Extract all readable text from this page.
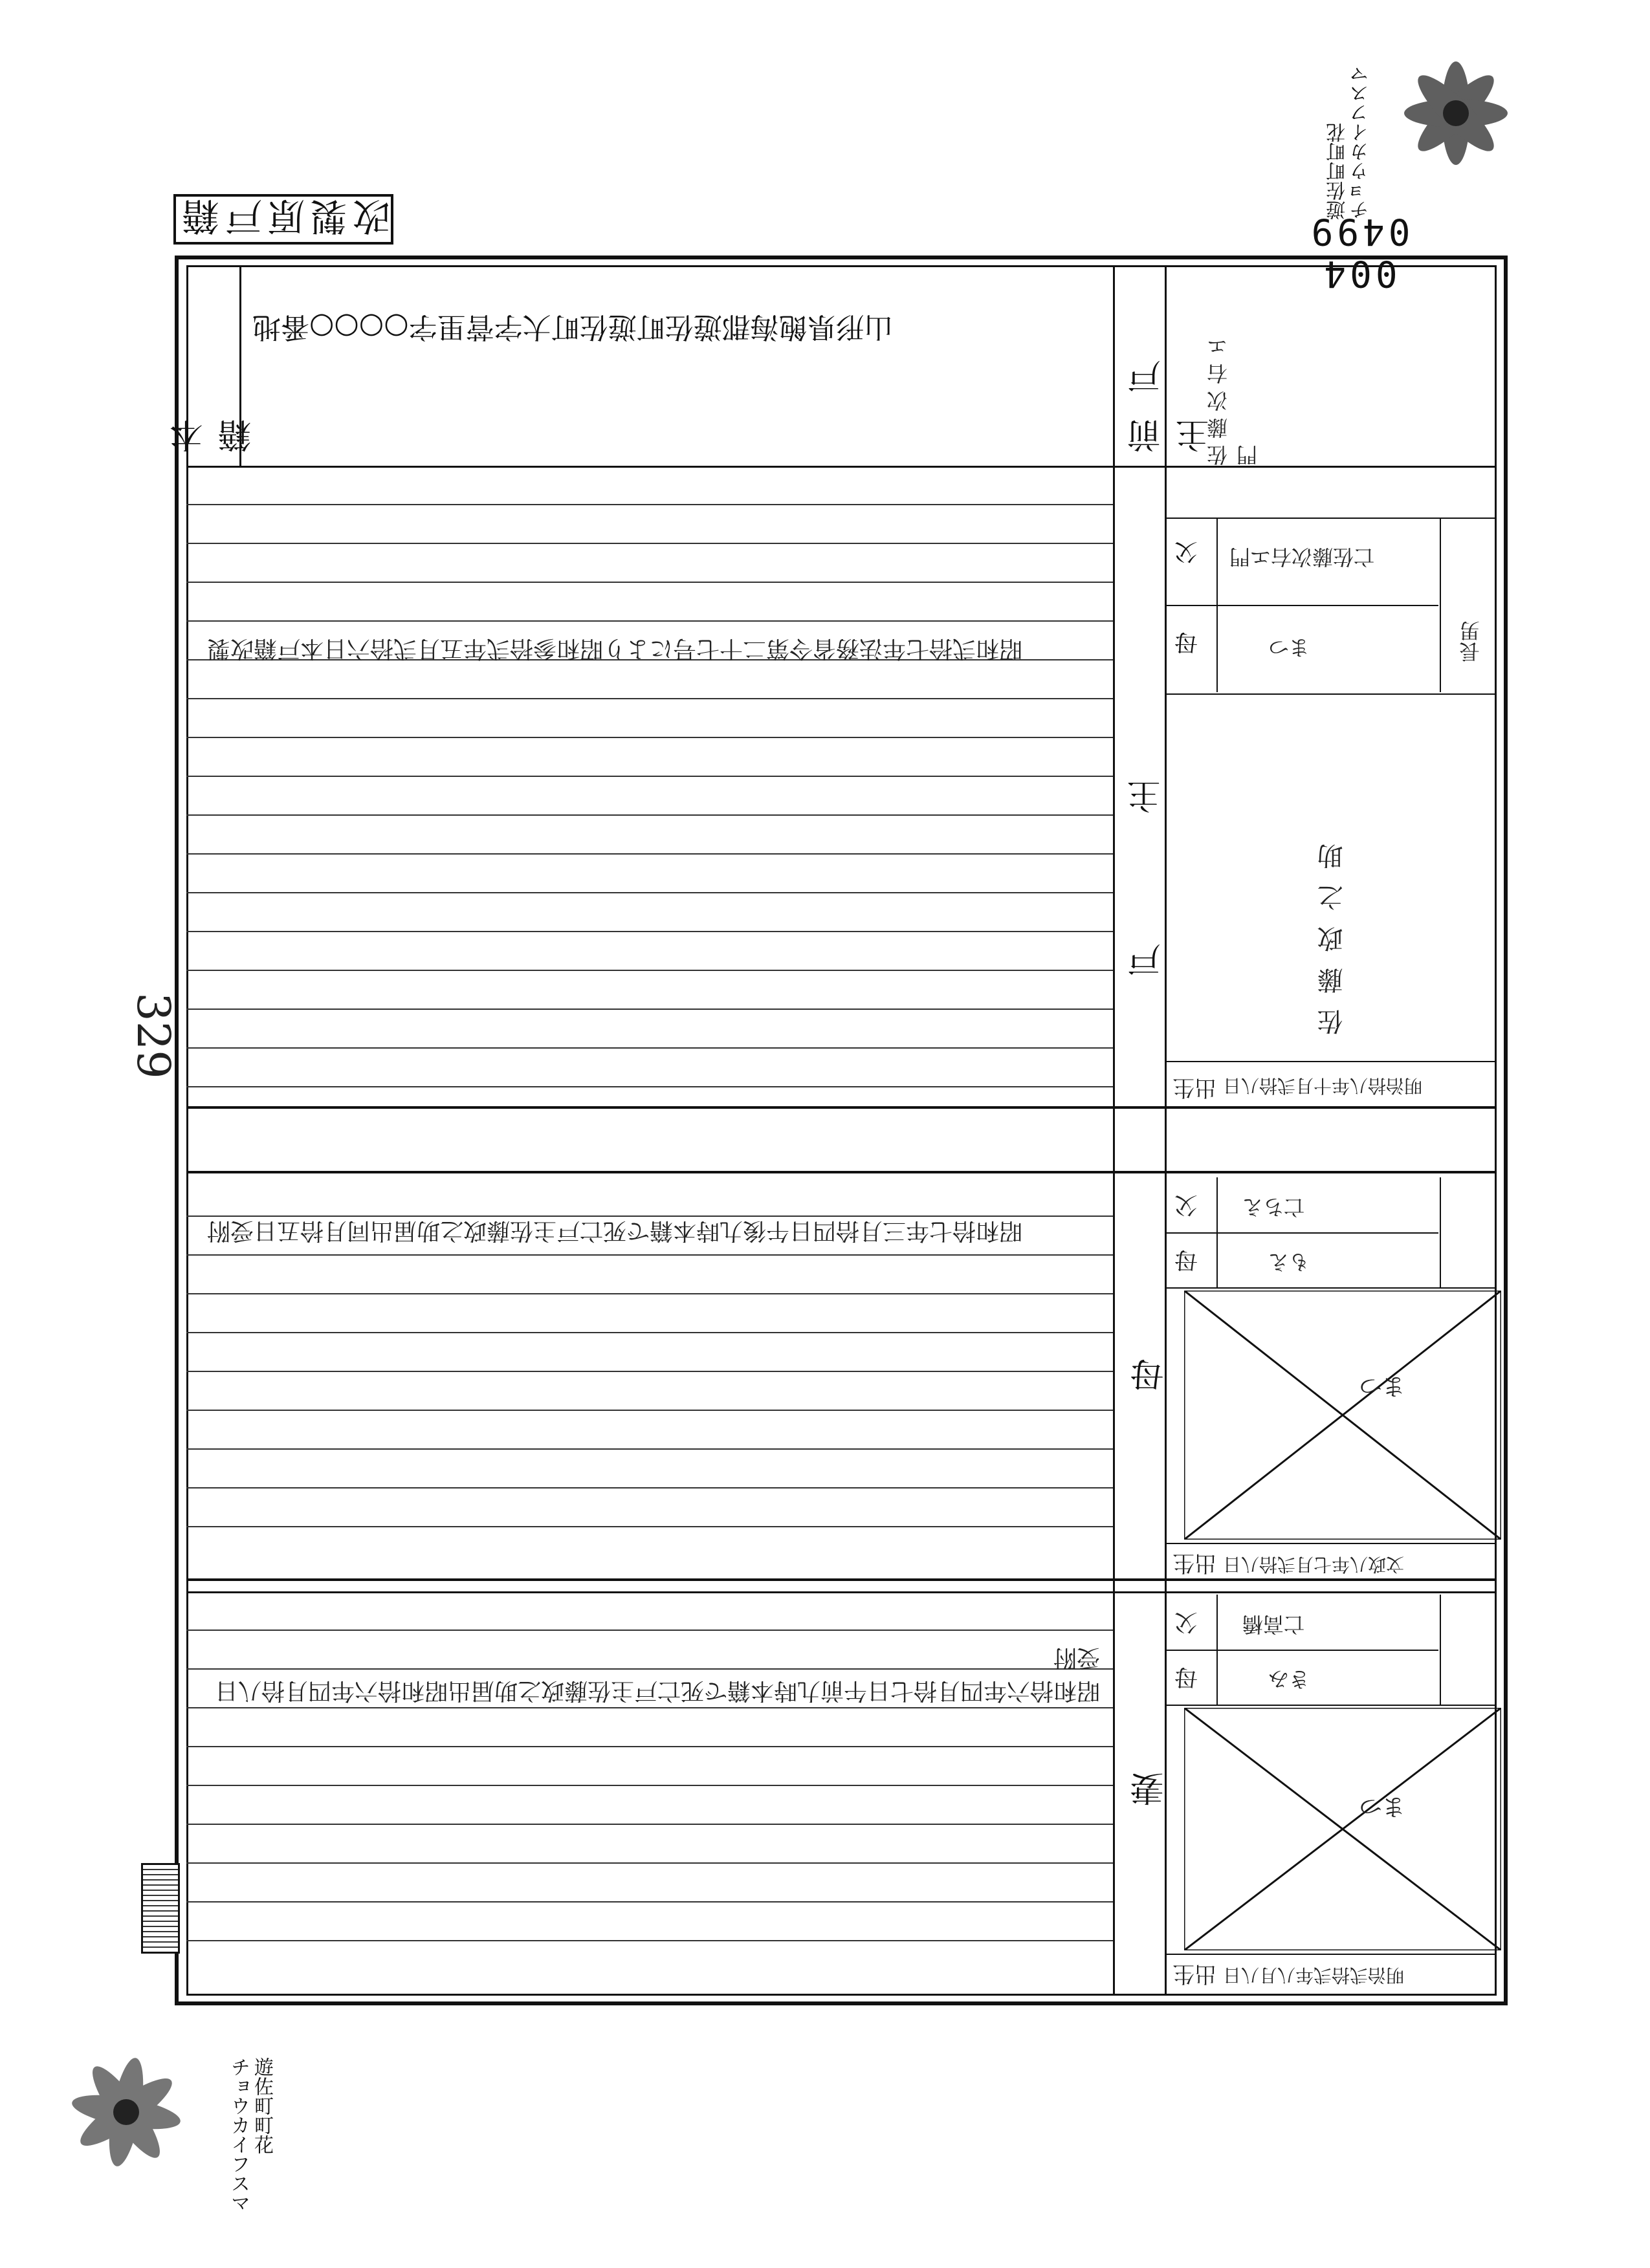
遊佐町町花
チョウカイフスマ
004 0499
改製原戸籍
本籍
山形県飽海郡遊佐町遊佐町大字菅里字○○○○番地
前戸主
佐藤次右エ門
昭和弐拾七年法務省令第二十七号により昭和参拾弐年五月弐拾六日本戸籍改製
戸主
父
母
亡佐藤次右エ門
まつ	長男
佐藤政之助
出生 明治拾八年十月弐拾八日
昭和拾七年三月拾四日午後九時本籍で死亡戸主佐藤政之助届出同月拾五日受附
母
父
母
亡ちえ
もえ
まつ
出生 文政八年七月弐拾八日
昭和拾六年四月拾七日午前九時本籍で死亡戸主佐藤政之助届出昭和拾六年四月拾八日受附
妻
父
母
亡高橋
きみ
まつ
出生 明治弐拾弐年八月八日
329
遊佐町町花
チョウカイフスマ
